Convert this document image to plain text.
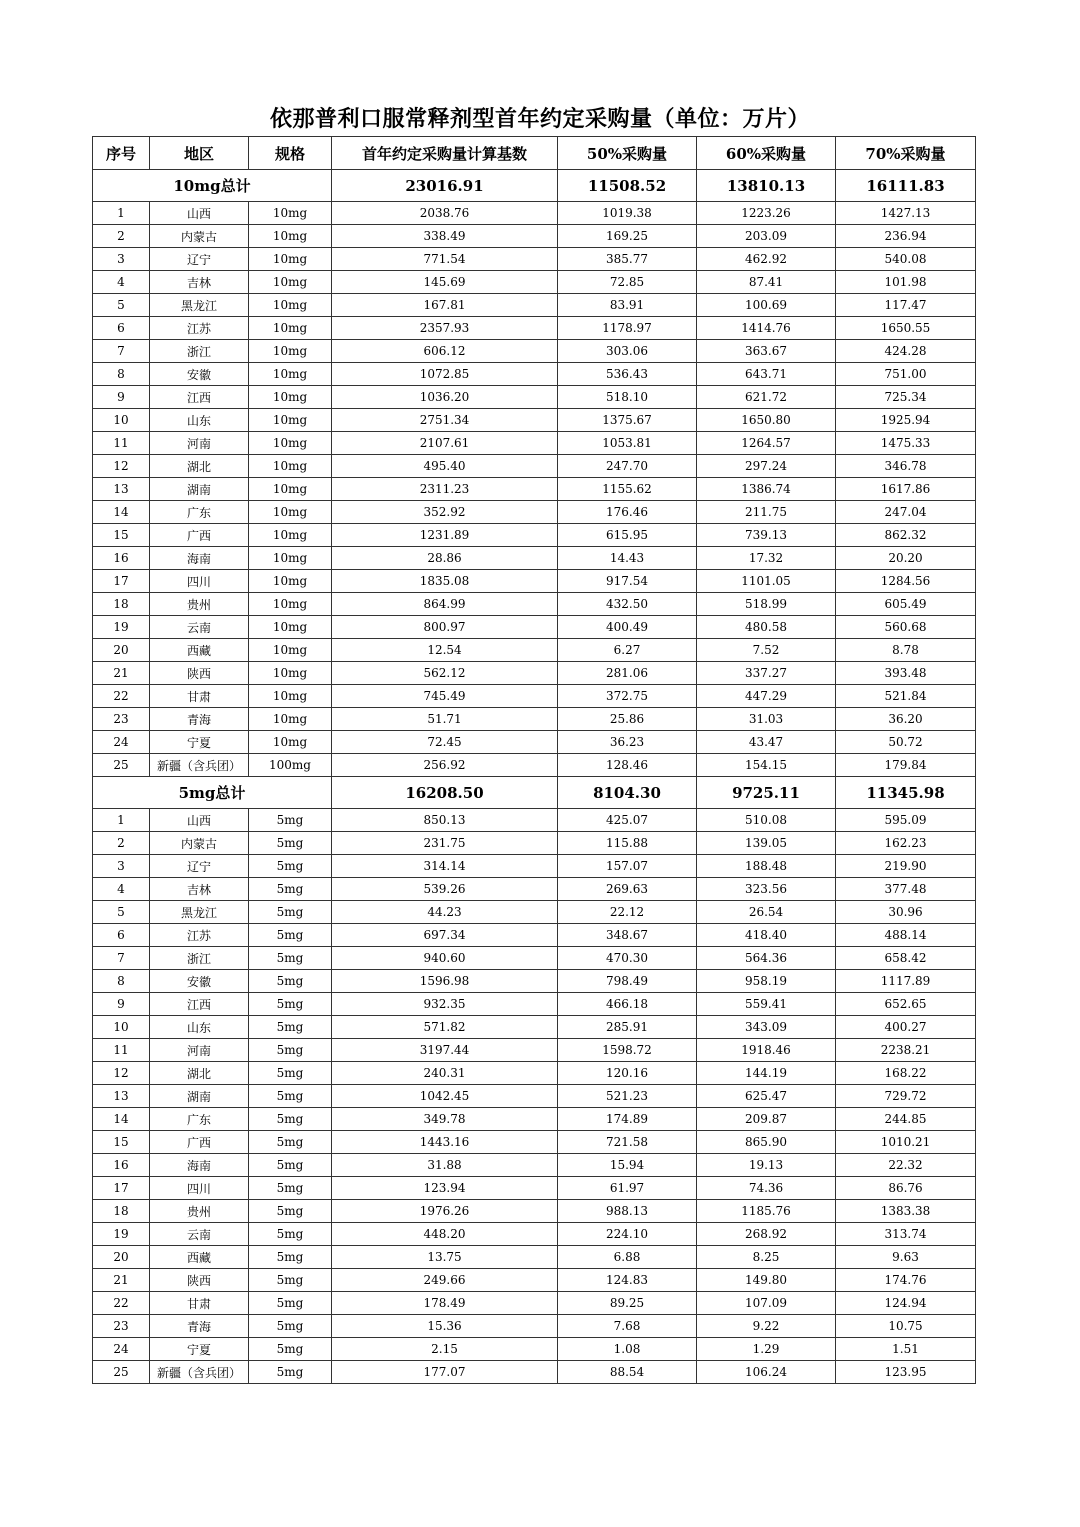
依那普利口服常释剂型首年约定采购量（单位：万片）
序号	地区	规格	首年约定采购量计算基数	50%采购量	60%采购量	70%采购量
10mg总计			23016.91	11508.52	13810.13	16111.83
1	山西	10mg	2038.76	1019.38	1223.26	1427.13
2	内蒙古	10mg	338.49	169.25	203.09	236.94
3	辽宁	10mg	771.54	385.77	462.92	540.08
4	吉林	10mg	145.69	72.85	87.41	101.98
5	黑龙江	10mg	167.81	83.91	100.69	117.47
6	江苏	10mg	2357.93	1178.97	1414.76	1650.55
7	浙江	10mg	606.12	303.06	363.67	424.28
8	安徽	10mg	1072.85	536.43	643.71	751.00
9	江西	10mg	1036.20	518.10	621.72	725.34
10	山东	10mg	2751.34	1375.67	1650.80	1925.94
11	河南	10mg	2107.61	1053.81	1264.57	1475.33
12	湖北	10mg	495.40	247.70	297.24	346.78
13	湖南	10mg	2311.23	1155.62	1386.74	1617.86
14	广东	10mg	352.92	176.46	211.75	247.04
15	广西	10mg	1231.89	615.95	739.13	862.32
16	海南	10mg	28.86	14.43	17.32	20.20
17	四川	10mg	1835.08	917.54	1101.05	1284.56
18	贵州	10mg	864.99	432.50	518.99	605.49
19	云南	10mg	800.97	400.49	480.58	560.68
20	西藏	10mg	12.54	6.27	7.52	8.78
21	陕西	10mg	562.12	281.06	337.27	393.48
22	甘肃	10mg	745.49	372.75	447.29	521.84
23	青海	10mg	51.71	25.86	31.03	36.20
24	宁夏	10mg	72.45	36.23	43.47	50.72
25	新疆（含兵团）	100mg	256.92	128.46	154.15	179.84
5mg总计			16208.50	8104.30	9725.11	11345.98
1	山西	5mg	850.13	425.07	510.08	595.09
2	内蒙古	5mg	231.75	115.88	139.05	162.23
3	辽宁	5mg	314.14	157.07	188.48	219.90
4	吉林	5mg	539.26	269.63	323.56	377.48
5	黑龙江	5mg	44.23	22.12	26.54	30.96
6	江苏	5mg	697.34	348.67	418.40	488.14
7	浙江	5mg	940.60	470.30	564.36	658.42
8	安徽	5mg	1596.98	798.49	958.19	1117.89
9	江西	5mg	932.35	466.18	559.41	652.65
10	山东	5mg	571.82	285.91	343.09	400.27
11	河南	5mg	3197.44	1598.72	1918.46	2238.21
12	湖北	5mg	240.31	120.16	144.19	168.22
13	湖南	5mg	1042.45	521.23	625.47	729.72
14	广东	5mg	349.78	174.89	209.87	244.85
15	广西	5mg	1443.16	721.58	865.90	1010.21
16	海南	5mg	31.88	15.94	19.13	22.32
17	四川	5mg	123.94	61.97	74.36	86.76
18	贵州	5mg	1976.26	988.13	1185.76	1383.38
19	云南	5mg	448.20	224.10	268.92	313.74
20	西藏	5mg	13.75	6.88	8.25	9.63
21	陕西	5mg	249.66	124.83	149.80	174.76
22	甘肃	5mg	178.49	89.25	107.09	124.94
23	青海	5mg	15.36	7.68	9.22	10.75
24	宁夏	5mg	2.15	1.08	1.29	1.51
25	新疆（含兵团）	5mg	177.07	88.54	106.24	123.95
